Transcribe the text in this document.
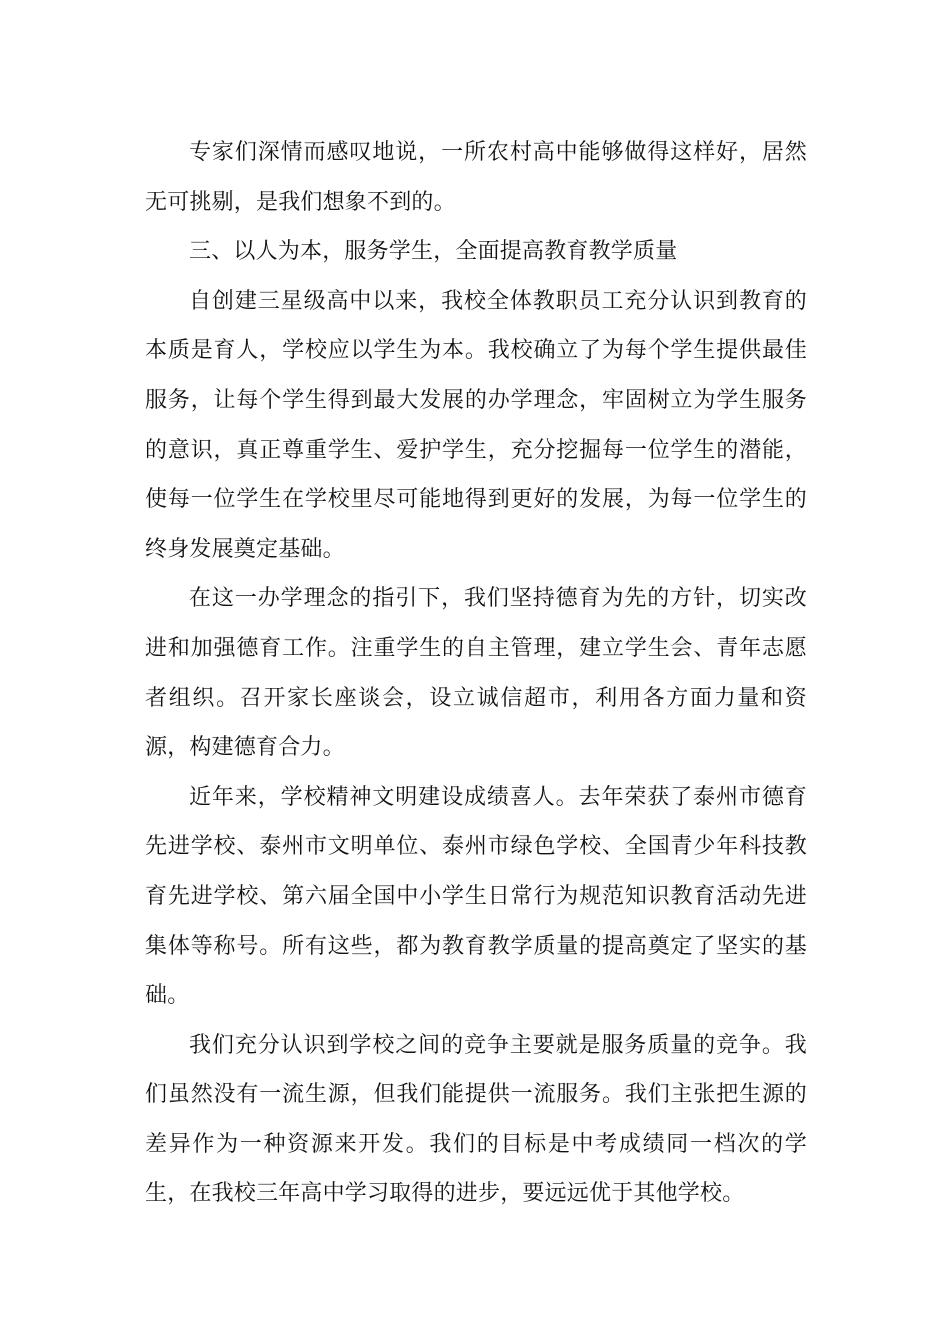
专家们深情而感叹地说，一所农村高中能够做得这样好，居然无可挑剔，是我们想象不到的。

三、以人为本，服务学生，全面提高教育教学质量

自创建三星级高中以来，我校全体教职员工充分认识到教育的本质是育人，学校应以学生为本。我校确立了为每个学生提供最佳服务，让每个学生得到最大发展的办学理念，牢固树立为学生服务的意识，真正尊重学生、爱护学生，充分挖掘每一位学生的潜能，使每一位学生在学校里尽可能地得到更好的发展，为每一位学生的终身发展奠定基础。

在这一办学理念的指引下，我们坚持德育为先的方针，切实改进和加强德育工作。注重学生的自主管理，建立学生会、青年志愿者组织。召开家长座谈会，设立诚信超市，利用各方面力量和资源，构建德育合力。

近年来，学校精神文明建设成绩喜人。去年荣获了泰州市德育先进学校、泰州市文明单位、泰州市绿色学校、全国青少年科技教育先进学校、第六届全国中小学生日常行为规范知识教育活动先进集体等称号。所有这些，都为教育教学质量的提高奠定了坚实的基础。

我们充分认识到学校之间的竞争主要就是服务质量的竞争。我们虽然没有一流生源，但我们能提供一流服务。我们主张把生源的差异作为一种资源来开发。我们的目标是中考成绩同一档次的学生，在我校三年高中学习取得的进步，要远远优于其他学校。
